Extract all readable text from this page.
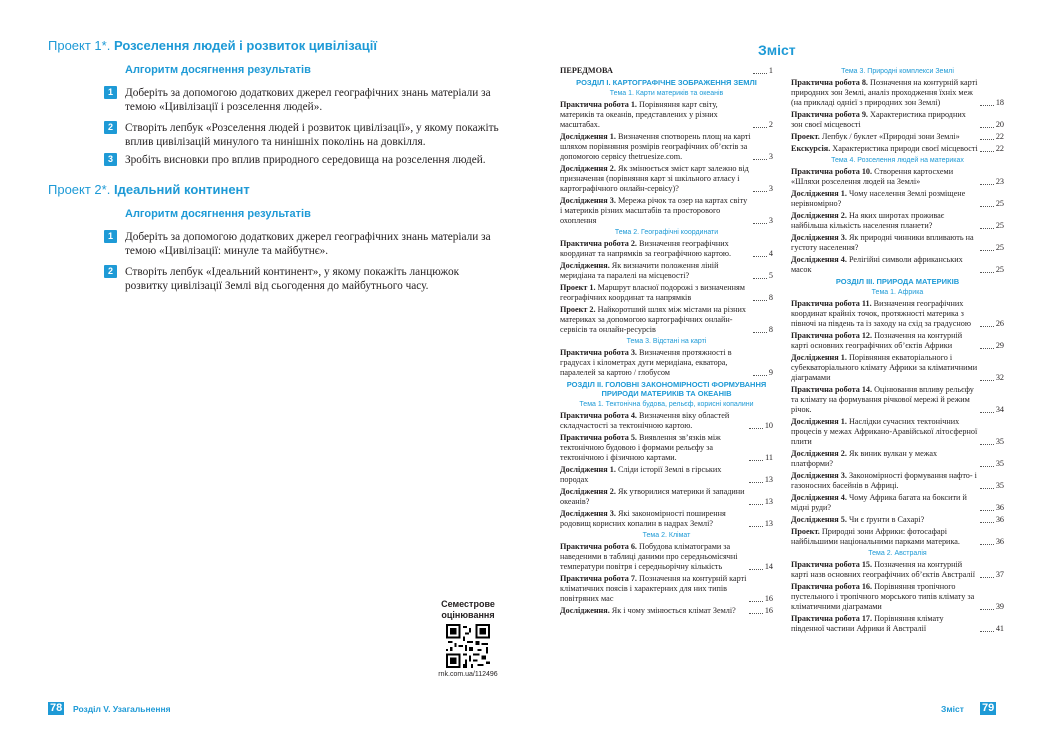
Проект 1*. Розселення людей і розвиток цивілізації
Алгоритм досягнення результатів
1	Доберіть за допомогою додаткових джерел географічних знань матеріали за темою «Цивілізації і розселення людей».
2	Створіть лепбук «Розселення людей і розвиток цивілізації», у якому покажіть вплив цивілізацій минулого та нинішніх поколінь на довкілля.
3	Зробіть висновки про вплив природного середовища на розселення людей.
Проект 2*. Ідеальний континент
Алгоритм досягнення результатів
1	Доберіть за допомогою додаткових джерел географічних знань матеріали за темою «Цивілізації: минуле та майбутнє».
2	Створіть лепбук «Ідеальний континент», у якому покажіть ланцюжок розвитку цивілізації Землі від сьогодення до майбутнього часу.
Семестрове оцінювання
rnk.com.ua/112496
78 Розділ V. Узагальнення
Зміст
ПЕРЕДМОВА	1
РОЗДІЛ I. КАРТОГРАФІЧНЕ ЗОБРАЖЕННЯ ЗЕМЛІ
Тема 1. Карти материків та океанів
Практична робота 1. Порівняння карт світу, материків та океанів, представлених у різних масштабах.	2
Дослідження 1. Визначення спотворень площ на карті шляхом порівняння розмірів географічних об’єктів за допомогою сервісу thetruesize.com.	3
Дослідження 2. Як змінюється зміст карт залежно від призначення (порівняння карт зі шкільного атласу і картографічного онлайн-сервісу)?	3
Дослідження 3. Мережа річок та озер на картах світу і материків різних масштабів та просторового охоплення	3
Тема 2. Географічні координати
Практична робота 2. Визначення географічних координат та напрямків за географічною картою.	4
Дослідження. Як визначити положення ліній меридіана та паралелі на місцевості?	5
Проект 1. Маршрут власної подорожі з визначенням географічних координат та напрямків	8
Проект 2. Найкоротший шлях між містами на різних материках за допомогою картографічних онлайн-сервісів та онлайн-ресурсів	8
Тема 3. Відстані на карті
Практична робота 3. Визначення протяжності в градусах і кілометрах дуги меридіана, екватора, паралелей за картою / глобусом	9
РОЗДІЛ II. ГОЛОВНІ ЗАКОНОМІРНОСТІ ФОРМУВАННЯ ПРИРОДИ МАТЕРИКІВ ТА ОКЕАНІВ
Тема 1. Тектонічна будова, рельєф, корисні копалини
Практична робота 4. Визначення віку областей складчастості за тектонічною картою.	10
Практична робота 5. Виявлення зв’язків між тектонічною будовою і формами рельєфу за тектонічною і фізичною картами.	11
Дослідження 1. Сліди історії Землі в гірських породах	13
Дослідження 2. Як утворилися материки й западини океанів?	13
Дослідження 3. Які закономірності поширення родовищ корисних копалин в надрах Землі?	13
Тема 2. Клімат
Практична робота 6. Побудова кліматограми за наведеними в таблиці даними про середньомісячні температури повітря і середньорічну кількість	14
Практична робота 7. Позначення на контурній карті кліматичних поясів і характерних для них типів повітряних мас	16
Дослідження. Як і чому змінюється клімат Землі?	16
Тема 3. Природні комплекси Землі
Практична робота 8. Позначення на контурній карті природних зон Землі, аналіз проходження їхніх меж (на прикладі однієї з природних зон Землі)	18
Практична робота 9. Характеристика природних зон своєї місцевості	20
Проект. Лепбук / буклет «Природні зони Землі»	22
Екскурсія. Характеристика природи своєї місцевості 22
Тема 4. Розселення людей на материках
Практична робота 10. Створення картосхеми «Шляхи розселення людей на Землі»	23
Дослідження 1. Чому населення Землі розміщене нерівномірно?	25
Дослідження 2. На яких широтах проживає найбільша кількість населення планети?	25
Дослідження 3. Як природні чинники впливають на густоту населення?	25
Дослідження 4. Релігійні символи африканських масок	25
РОЗДІЛ III. ПРИРОДА МАТЕРИКІВ
Тема 1. Африка
Практична робота 11. Визначення географічних координат крайніх точок, протяжності материка з півночі на південь та із заходу на схід за градусною	26
Практична робота 12. Позначення на контурній карті основних географічних об’єктів Африки	29
Дослідження 1. Порівняння екваторіального і субекваторіального клімату Африки за кліматичними діаграмами	32
Практична робота 14. Оцінювання впливу рельєфу та клімату на формування річкової мережі й режим річок.	34
Дослідження 1. Наслідки сучасних тектонічних процесів у межах Африкано-Аравійської літосферної плити	35
Дослідження 2. Як виник вулкан у межах платформи?	35
Дослідження 3. Закономірності формування нафто- і газоносних басейнів в Африці.	35
Дослідження 4. Чому Африка багата на боксити й мідні руди?	36
Дослідження 5. Чи є ґрунти в Сахарі?	36
Проект. Природні зони Африки: фотосафарі найбільшими національними парками материка.	36
Тема 2. Австралія
Практична робота 15. Позначення на контурній карті назв основних географічних об’єктів Австралії	37
Практична робота 16. Порівняння тропічного пустельного і тропічного морського типів клімату за кліматичними діаграмами	39
Практична робота 17. Порівняння клімату південної частини Африки й Австралії	41
Зміст 79
